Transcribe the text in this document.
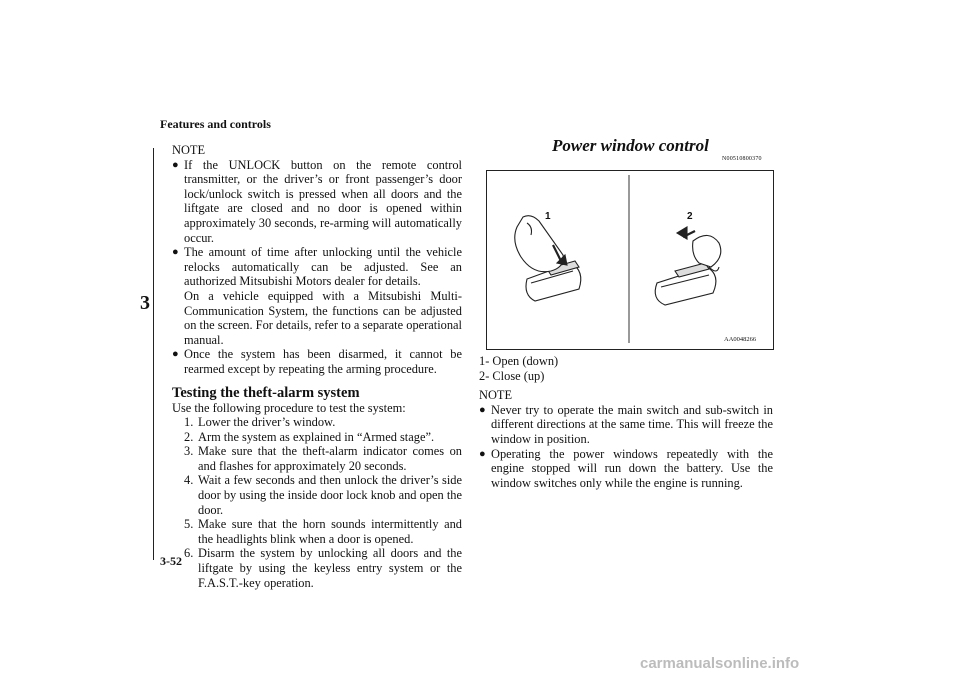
Features and controls
3

NOTE

● If the UNLOCK button on the remote control transmitter, or the driver’s or front passenger’s door lock/unlock switch is pressed when all doors and the liftgate are closed and no door is opened within approximately 30 seconds, re-arming will automatically occur.
● The amount of time after unlocking until the vehicle relocks automatically can be adjusted. See an authorized Mitsubishi Motors dealer for details.
On a vehicle equipped with a Mitsubishi Multi-Communication System, the functions can be adjusted on the screen. For details, refer to a separate operational manual.
● Once the system has been disarmed, it cannot be rearmed except by repeating the arming procedure.
Testing the theft-alarm system

Use the following procedure to test the system:

1. Lower the driver’s window.
2. Arm the system as explained in “Armed stage”.
3. Make sure that the theft-alarm indicator comes on and flashes for approximately 20 seconds.
4. Wait a few seconds and then unlock the driver’s side door by using the inside door lock knob and open the door.
5. Make sure that the horn sounds intermittently and the headlights blink when a door is opened.
6. Disarm the system by unlocking all doors and the liftgate by using the keyless entry system or the F.A.S.T.-key operation.
Power window control
N00510800370
1	2
AA0048266

1- Open (down)

2- Close (up)

NOTE

● Never try to operate the main switch and sub-switch in different directions at the same time. This will freeze the window in position.
● Operating the power windows repeatedly with the engine stopped will run down the battery. Use the window switches only while the engine is running.
3-52
carmanualsonline.info
